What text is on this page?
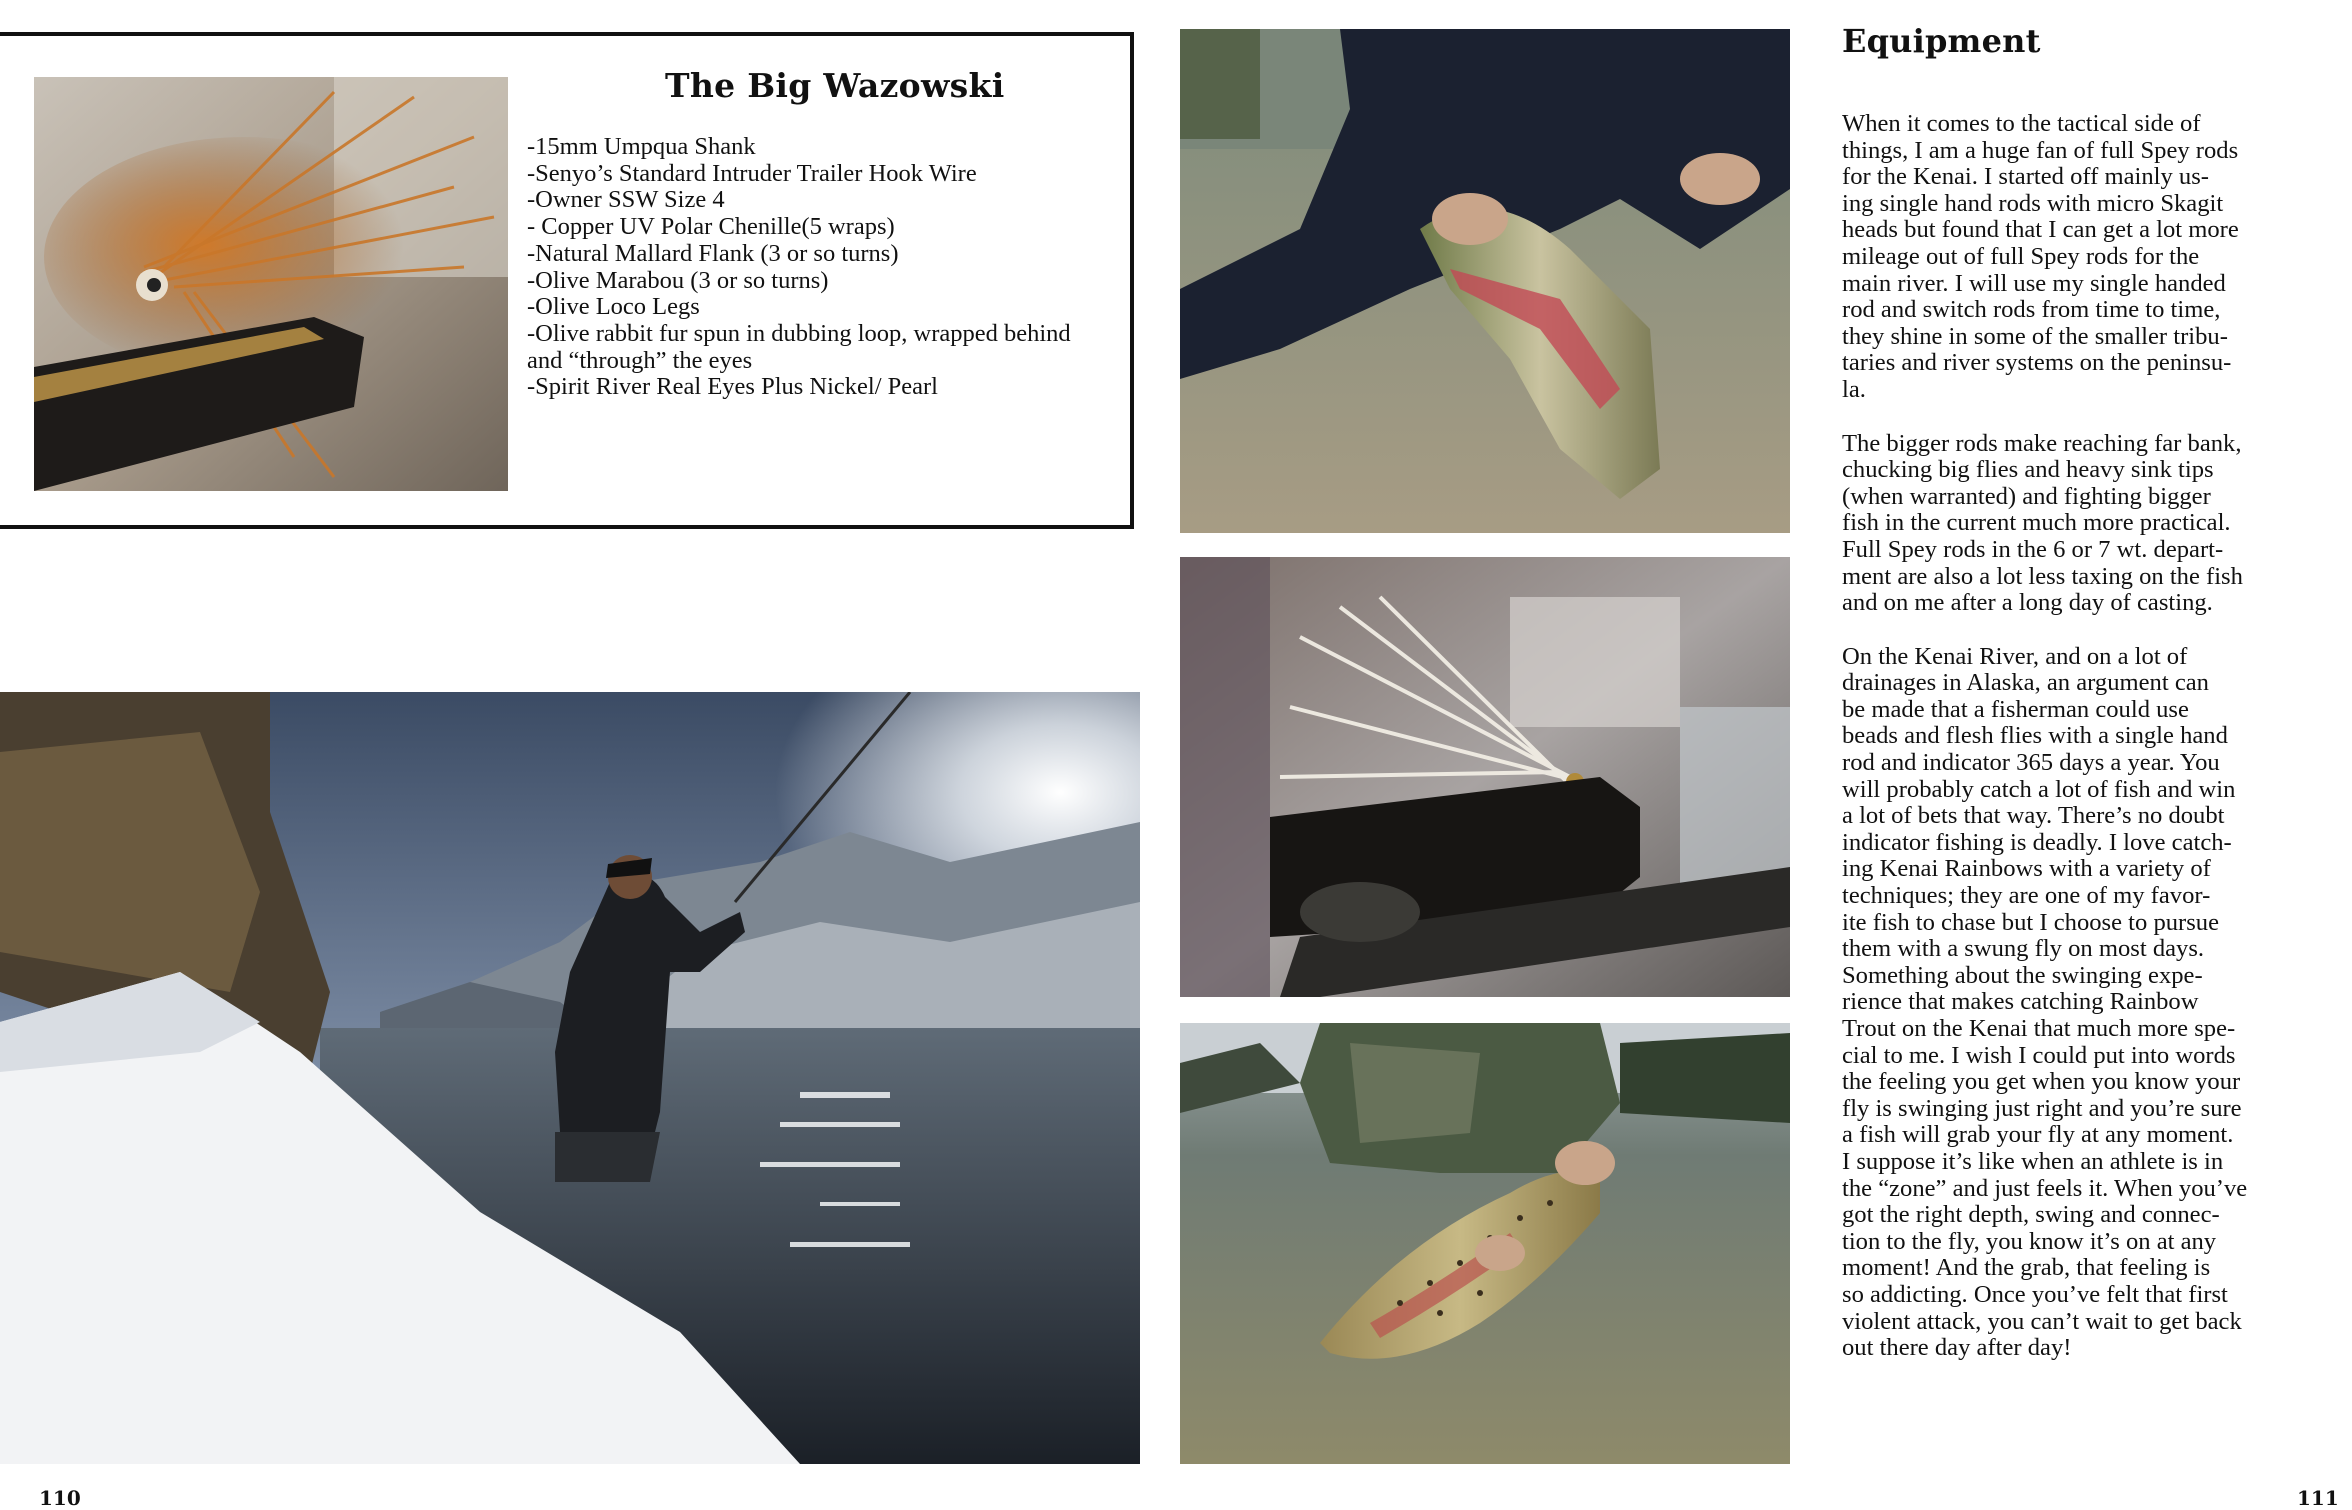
The Big Wazowski
-15mm Umpqua Shank
-Senyo’s Standard Intruder Trailer Hook Wire
-Owner SSW Size 4
- Copper UV Polar Chenille(5 wraps)
-Natural Mallard Flank (3 or so turns)
-Olive Marabou (3 or so turns)
-Olive Loco Legs
-Olive rabbit fur spun in dubbing loop, wrapped behind and “through” the eyes
-Spirit River Real Eyes Plus Nickel/ Pearl
Equipment

When it comes to the tactical side of
things, I am a huge fan of full Spey rods
for the Kenai. I started off mainly us-
ing single hand rods with micro Skagit
heads but found that I can get a lot more
mileage out of full Spey rods for the
main river. I will use my single handed
rod and switch rods from time to time,
they shine in some of the smaller tribu-
taries and river systems on the peninsu-
la.

The bigger rods make reaching far bank,
chucking big flies and heavy sink tips
(when warranted) and fighting bigger
fish in the current much more practical.
Full Spey rods in the 6 or 7 wt. depart-
ment are also a lot less taxing on the fish
and on me after a long day of casting.

On the Kenai River, and on a lot of
drainages in Alaska, an argument can
be made that a fisherman could use
beads and flesh flies with a single hand
rod and indicator 365 days a year. You
will probably catch a lot of fish and win
a lot of bets that way. There’s no doubt
indicator fishing is deadly. I love catch-
ing Kenai Rainbows with a variety of
techniques; they are one of my favor-
ite fish to chase but I choose to pursue
them with a swung fly on most days.
Something about the swinging expe-
rience that makes catching Rainbow
Trout on the Kenai that much more spe-
cial to me. I wish I could put into words
the feeling you get when you know your
fly is swinging just right and you’re sure
a fish will grab your fly at any moment.
I suppose it’s like when an athlete is in
the “zone” and just feels it. When you’ve
got the right depth, swing and connec-
tion to the fly, you know it’s on at any
moment! And the grab, that feeling is
so addicting. Once you’ve felt that first
violent attack, you can’t wait to get back
out there day after day!

110	111
